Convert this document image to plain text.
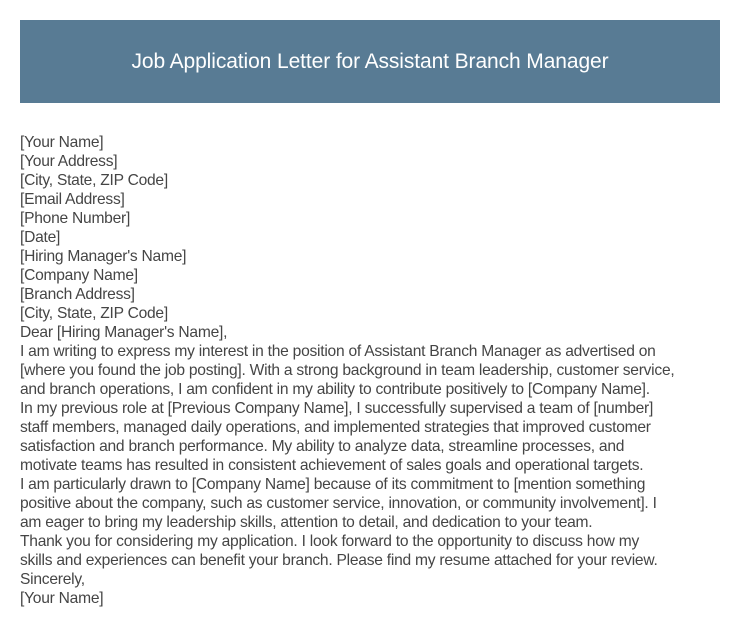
Job Application Letter for Assistant Branch Manager
[Your Name]
[Your Address]
[City, State, ZIP Code]
[Email Address]
[Phone Number]
[Date]
[Hiring Manager's Name]
[Company Name]
[Branch Address]
[City, State, ZIP Code]
Dear [Hiring Manager's Name],
I am writing to express my interest in the position of Assistant Branch Manager as advertised on
[where you found the job posting]. With a strong background in team leadership, customer service,
and branch operations, I am confident in my ability to contribute positively to [Company Name].
In my previous role at [Previous Company Name], I successfully supervised a team of [number]
staff members, managed daily operations, and implemented strategies that improved customer
satisfaction and branch performance. My ability to analyze data, streamline processes, and
motivate teams has resulted in consistent achievement of sales goals and operational targets.
I am particularly drawn to [Company Name] because of its commitment to [mention something
positive about the company, such as customer service, innovation, or community involvement]. I
am eager to bring my leadership skills, attention to detail, and dedication to your team.
Thank you for considering my application. I look forward to the opportunity to discuss how my
skills and experiences can benefit your branch. Please find my resume attached for your review.
Sincerely,
[Your Name]
